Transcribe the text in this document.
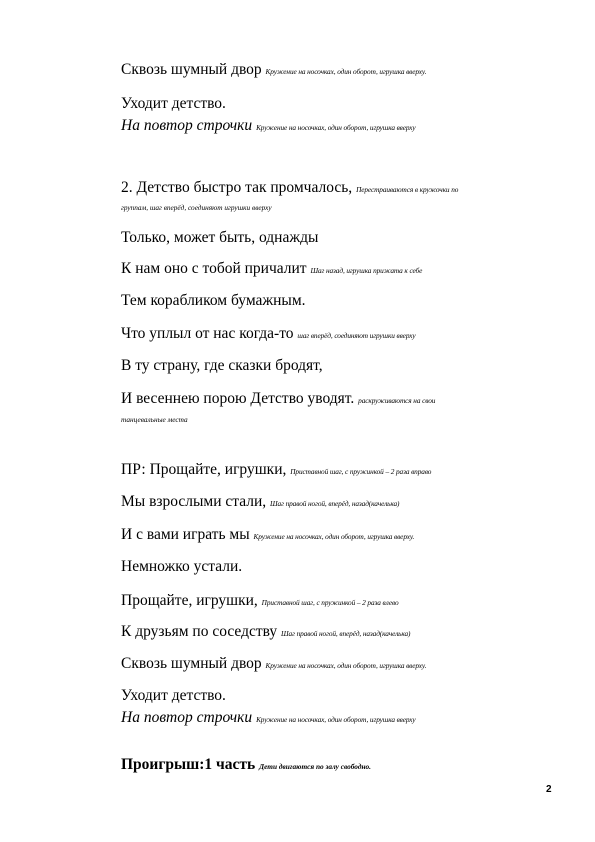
Сквозь шумный двор Кружение на носочках, один оборот, игрушка вверху.
Уходит детство.
На повтор строчки Кружение на носочках, один оборот, игрушка вверху
2. Детство быстро так промчалось, Перестраиваются в кружочки по
группам, шаг вперёд, соединяют игрушки вверху
Только, может быть, однажды
К нам оно с тобой причалит Шаг назад, игрушка прижата к себе
Тем корабликом бумажным.
Что уплыл от нас когда-то шаг вперёд, соединяют игрушки вверху
В ту страну, где сказки бродят,
И весеннею порою Детство уводят. раскруживаются на свои
танцевальные места
ПР: Прощайте, игрушки, Приставной шаг, с пружинкой – 2 раза вправо
Мы взрослыми стали, Шаг правой ногой, вперёд, назад(качелька)
И с вами играть мы Кружение на носочках, один оборот, игрушка вверху.
Немножко устали.
Прощайте, игрушки, Приставной шаг, с пружинкой – 2 раза влево
К друзьям по соседству Шаг правой ногой, вперёд, назад(качелька)
Сквозь шумный двор Кружение на носочках, один оборот, игрушка вверху.
Уходит детство.
На повтор строчки Кружение на носочках, один оборот, игрушка вверху
Проигрыш:1 часть Дети двигаются по залу свободно.
2
